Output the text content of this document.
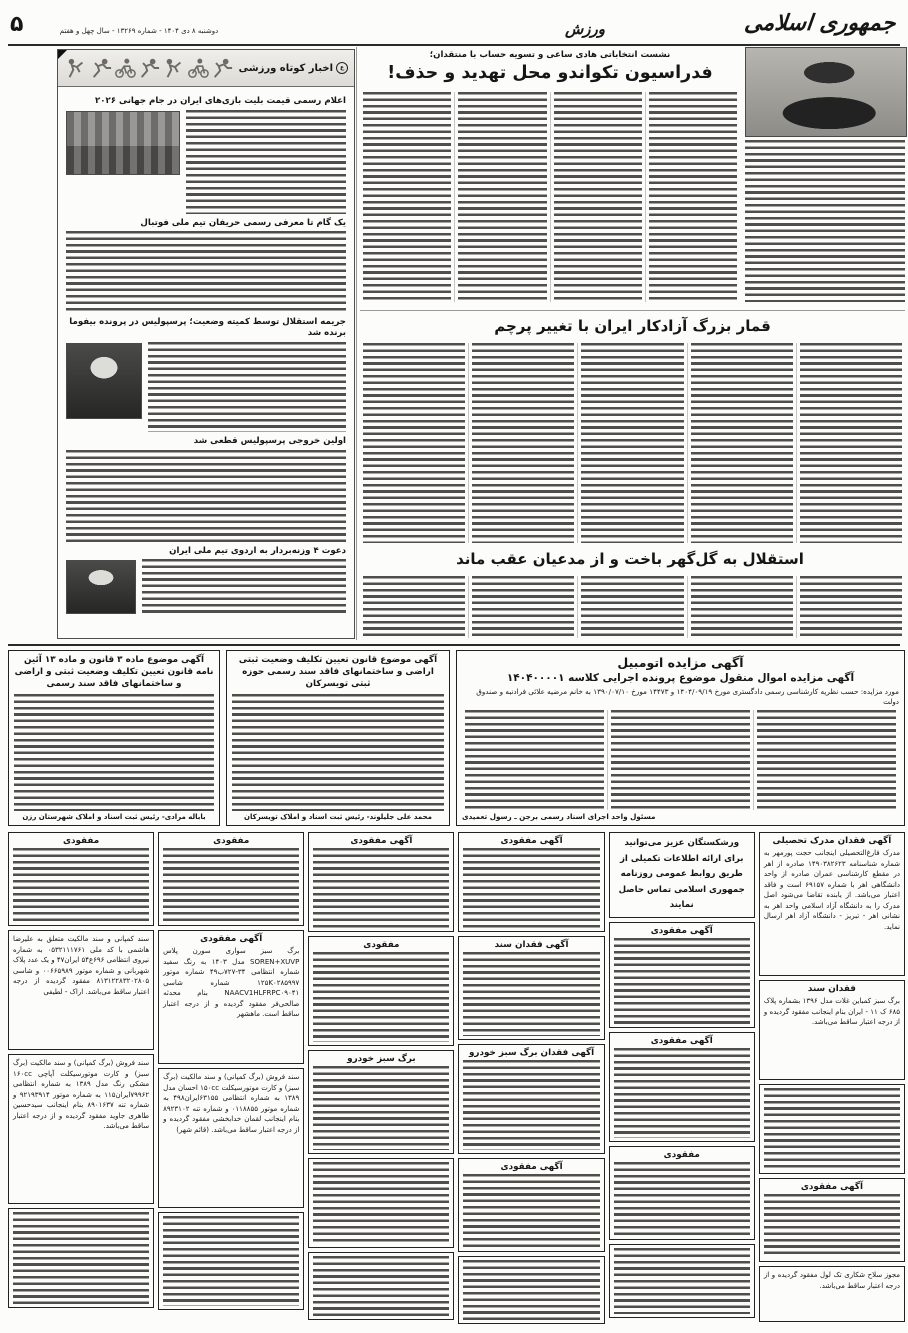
جمهوری اسلامی
ورزش
دوشنبه ۸ دی ۱۴۰۴ - شماره ۱۳۲۶۹ - سال چهل و هفتم
۵
ع
اخبار کوتاه ورزشی
اعلام رسمی قیمت بلیت بازی‌های ایران در جام جهانی ۲۰۲۶
یک گام تا معرفی رسمی حریفان تیم ملی فوتبال
جریمه استقلال توسط کمیته وضعیت؛ پرسپولیس در پرونده بیفوما برنده شد
اولین خروجی پرسپولیس قطعی شد
دعوت ۴ وزنه‌بردار به اردوی تیم ملی ایران
نشست انتخاباتی هادی ساعی و تسویه حساب با منتقدان؛
فدراسیون تکواندو محل تهدید و حذف!
قمار بزرگ آزادکار ایران با تغییر پرچم
استقلال به گل‌گهر باخت و از مدعیان عقب ماند
آگهی موضوع ماده ۳ قانون و ماده ۱۳ آئین نامه قانون تعیین تکلیف وضعیت ثبتی و اراضی و ساختمانهای فاقد سند رسمی
باباله مرادی- رئیس ثبت اسناد و املاک شهرستان رزن
آگهی موضوع قانون تعیین تکلیف وضعیت ثبتی اراضی و ساختمانهای فاقد سند رسمی حوزه ثبتی تویسرکان
محمد علی جلیلوند- رئیس ثبت اسناد و املاک تویسرکان
آگهی مزایده اتومبیل
آگهی مزایده اموال منقول موضوع پرونده اجرایی کلاسه ۱۴۰۴۰۰۰۰۱
مورد مزایده: حسب نظریه کارشناسی رسمی دادگستری مورخ ۱۴۰۴/۰۹/۱۹ و ۱۴۴۷۳ مورخ ۱۳۹۰/۰۷/۱۰ به خانم مرضیه علائی فرادنبه و صندوق دولت
مسئول واحد اجرای اسناد رسمی برجن ـ رسول تعمیدی
آگهی فقدان مدرک تحصیلی
مدرک فارغ‌التحصیلی اینجانب حجت پورمهر به شماره شناسنامه ۱۴۹۰۳۸۲۶۲۳ صادره از اهر در مقطع کارشناسی عمران صادره از واحد دانشگاهی اهر با شماره ۶۹۱۵۷ است و فاقد اعتبار می‌باشد. از یابنده تقاضا می‌شود اصل مدرک را به دانشگاه آزاد اسلامی واحد اهر به نشانی اهر - تبریز - دانشگاه آزاد اهر ارسال نماید.
فقدان سند
برگ سبز کمباین غلات مدل ۱۳۹۶ بشماره پلاک ۶۸۵ ک ۱۱ - ایران بنام اینجانب مفقود گردیده و از درجه اعتبار ساقط می‌باشد.
آگهی مفقودی
مجوز سلاح شکاری تک لول مفقود گردیده و از درجه اعتبار ساقط می‌باشد.
ورشکستگان عزیز می‌توانید برای ارائه اطلاعات تکمیلی از طریق روابط عمومی روزنامه جمهوری اسلامی تماس حاصل نمایند
آگهی مفقودی
آگهی مفقودی
مفقودی
آگهی مفقودی
آگهی فقدان سند
آگهی فقدان برگ سبز خودرو
آگهی مفقودی
آگهی مفقودی
مفقودی
برگ سبز خودرو
مفقودی
آگهی مفقودی
برگ سبز سواری سورن پلاس SOREN+XUVP مدل ۱۴۰۳ به رنگ سفید شماره انتظامی ۳۴-۷۲۷ب۴۹ شماره موتور ۱۲۵K۰۲۸۵۹۹۷ شماره شاسی NAACV1HLFRPC۰۹۰۴۱ بنام محدثه صالحی‌فر مفقود گردیده و از درجه اعتبار ساقط است. ماهشهر
سند فروش (برگ کمپانی) و سند مالکیت (برگ سبز) و کارت موتورسیکلت ۱۵۰cc احسان مدل ۱۳۸۹ به شماره انتظامی ۶۳۱۵۵ایران۴۹۸ به شماره موتور ۰۱۱۸۸۵۵ و شماره تنه ۸۹۲۳۱۰۲ بنام اینجانب لقمان خدابخشی مفقود گردیده و از درجه اعتبار ساقط می‌باشد. (قائم شهر)
مفقودی
سند کمپانی و سند مالکیت متعلق به علیرضا هاشمی با کد ملی ۰۵۳۲۱۱۱۷۶۱ به شماره نیروی انتظامی ۶۹۶ع۵۴ ایران۴۷ و یک عدد پلاک شهربانی و شماره موتور ۰۰۶۶۵۹۸۹ و شاسی ۸۱۳۱۲۲۸۳۲۰۲۸۰۵ مفقود گردیده از درجه اعتبار ساقط می‌باشد. اراک - لطیفی
سند فروش (برگ کمپانی) و سند مالکیت (برگ سبز) و کارت موتورسیکلت آپاچی ۱۶۰cc مشکی رنگ مدل ۱۳۸۹ به شماره انتظامی ۷۹۹۶۲ایران۱۱۵ به شماره موتور ۹۲۱۹۳۹۱۴ و شماره تنه ۸۹۰۱۶۳۷ بنام اینجانب سیدحسین طاهری جاوید مفقود گردیده و از درجه اعتبار ساقط می‌باشد.
